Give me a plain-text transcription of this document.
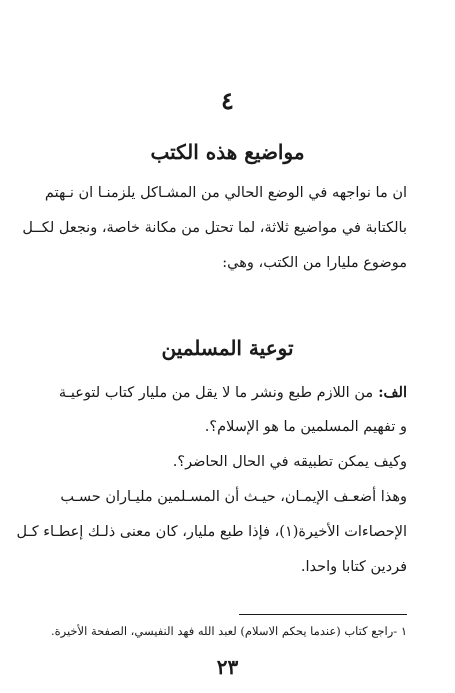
٤
مواضيع هذه الكتب
ان ما نواجهه في الوضع الحالي من المشـاكل يلزمنـا ان نـهتم
بالكتابة في مواضيع ثلاثة، لما تحتل من مكانة خاصة، ونجعل لكــل
موضوع مليارا من الكتب، وهي:
توعية المسلمين
الف: من اللازم طبع ونشر ما لا يقل من مليار كتاب لتوعيـة
و تفهيم المسلمين ما هو الإسلام؟.
وكيف يمكن تطبيقه في الحال الحاضر؟.
وهذا أضعـف الإيمـان، حيـث أن المسـلمين مليـاران حسـب
الإحصاءات الأخيرة(١)، فإذا طبع مليار، كان معنى ذلـك إعطـاء كـل
فردين كتابا واحدا.
١ -راجع كتاب (عندما يحكم الاسلام) لعبد الله فهد النفيسي، الصفحة الأخيرة.
٢٣
